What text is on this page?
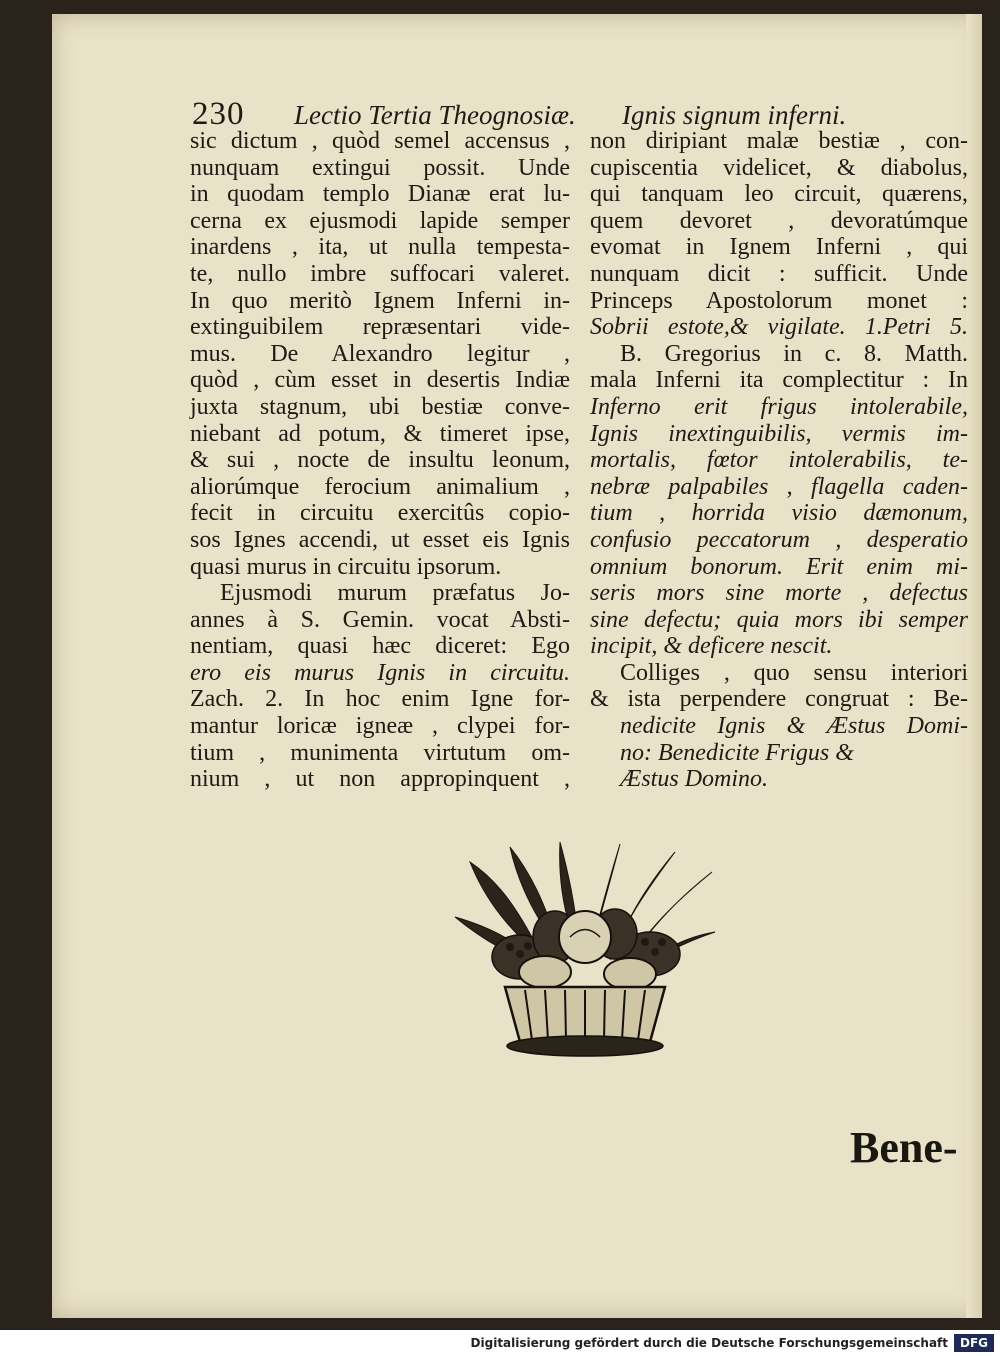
230 Lectio Tertia Theognosiæ. Ignis signum inferni.
sic dictum , quòd semel accensus ,
nunquam extingui possit. Unde
in quodam templo Dianæ erat lu-
cerna ex ejusmodi lapide semper
inardens , ita, ut nulla tempesta-
te, nullo imbre suffocari valeret.
In quo meritò Ignem Inferni in-
extinguibilem repræsentari vide-
mus. De Alexandro legitur ,
quòd , cùm esset in desertis Indiæ
juxta stagnum, ubi bestiæ conve-
niebant ad potum, & timeret ipse,
& sui , nocte de insultu leonum,
aliorúmque ferocium animalium ,
fecit in circuitu exercitûs copio-
sos Ignes accendi, ut esset eis Ignis
quasi murus in circuitu ipsorum.
Ejusmodi murum præfatus Jo-
annes à S. Gemin. vocat Absti-
nentiam, quasi hæc diceret: Ego
ero eis murus Ignis in circuitu.
Zach. 2. In hoc enim Igne for-
mantur loricæ igneæ , clypei for-
tium , munimenta virtutum om-
nium , ut non appropinquent ,
non diripiant malæ bestiæ , con-
cupiscentia videlicet, & diabolus,
qui tanquam leo circuit, quærens,
quem devoret , devoratúmque
evomat in Ignem Inferni , qui
nunquam dicit : sufficit. Unde
Princeps Apostolorum monet :
Sobrii estote,& vigilate. 1.Petri 5.
B. Gregorius in c. 8. Matth.
mala Inferni ita complectitur : In
Inferno erit frigus intolerabile,
Ignis inextinguibilis, vermis im-
mortalis, fœtor intolerabilis, te-
nebræ palpabiles , flagella caden-
tium , horrida visio dæmonum,
confusio peccatorum , desperatio
omnium bonorum. Erit enim mi-
seris mors sine morte , defectus
sine defectu; quia mors ibi semper
incipit, & deficere nescit.
Colliges , quo sensu interiori
& ista perpendere congruat : Be-
nedicite Ignis & Æstus Domi-
no: Benedicite Frigus &
Æstus Domino.
Bene-
Digitalisierung gefördert durch die Deutsche Forschungsgemeinschaft DFG
